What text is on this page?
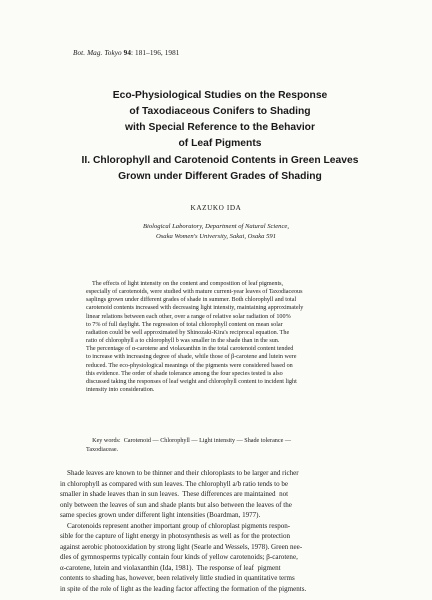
Bot. Mag. Tokyo 94: 181–196, 1981
Eco-Physiological Studies on the Response
of Taxodiaceous Conifers to Shading
with Special Reference to the Behavior
of Leaf Pigments
II. Chlorophyll and Carotenoid Contents in Green Leaves
Grown under Different Grades of Shading
KAZUKO IDA
Biological Laboratory, Department of Natural Science,
Osaka Women's University, Sakai, Osaka 591
The effects of light intensity on the content and composition of leaf pigments,
especially of carotenoids, were studied with mature current-year leaves of Taxodiaceous
saplings grown under different grades of shade in summer. Both chlorophyll and total
carotenoid contents increased with decreasing light intensity, maintaining approximately
linear relations between each other, over a range of relative solar radiation of 100%
to 7% of full daylight. The regression of total chlorophyll content on mean solar
radiation could be well approximated by Shinozaki-Kira's reciprocal equation. The
ratio of chlorophyll a to chlorophyll b was smaller in the shade than in the sun.
The percentage of α-carotene and violaxanthin in the total carotenoid content tended
to increase with increasing degree of shade, while those of β-carotene and lutein were
reduced. The eco-physiological meanings of the pigments were considered based on
this evidence. The order of shade tolerance among the four species tested is also
discussed taking the responses of leaf weight and chlorophyll content to incident light
intensity into consideration.
Key words:  Carotenoid — Chlorophyll — Light intensity — Shade tolerance —
Taxodiaceae.
Shade leaves are known to be thinner and their chloroplasts to be larger and richer
in chlorophyll as compared with sun leaves. The chlorophyll a/b ratio tends to be
smaller in shade leaves than in sun leaves.  These differences are maintained  not
only between the leaves of sun and shade plants but also between the leaves of the
same species grown under different light intensities (Boardman, 1977).
Carotenoids represent another important group of chloroplast pigments respon-
sible for the capture of light energy in photosynthesis as well as for the protection
against aerobic photooxidation by strong light (Searle and Wessels, 1978). Green nee-
dles of gymnosperms typically contain four kinds of yellow carotenoids; β-carotene,
α-carotene, lutein and violaxanthin (Ida, 1981).  The response of leaf  pigment
contents to shading has, however, been relatively little studied in quantitative terms
in spite of the role of light as the leading factor affecting the formation of the pigments.
